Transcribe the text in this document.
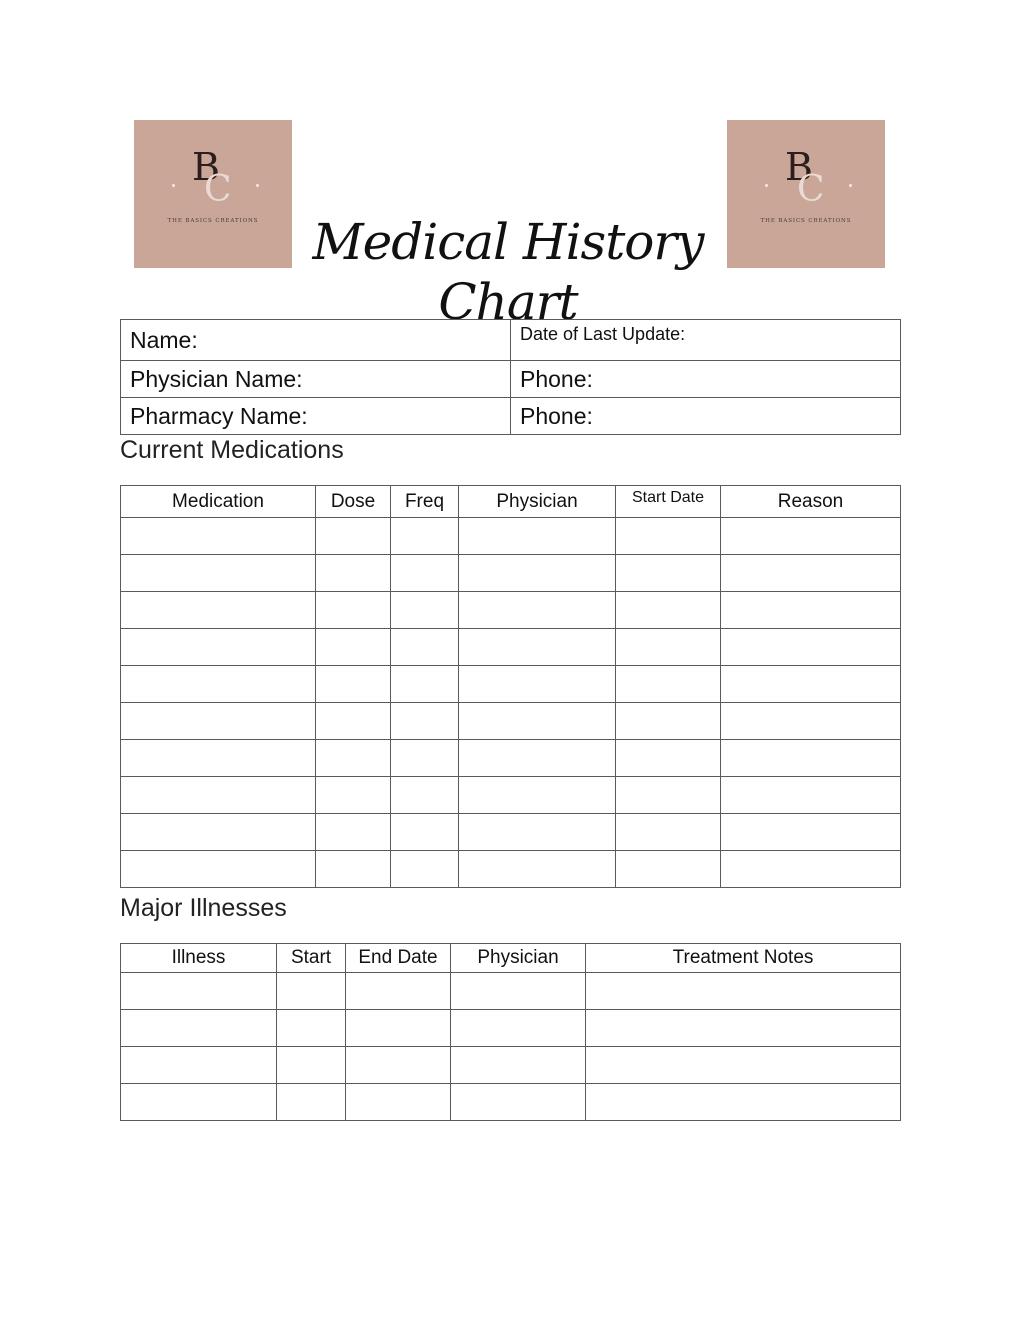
B
C
THE BASICS CREATIONS
B
C
THE BASICS CREATIONS
Medical History Chart
Name:	Date of Last Update:
Physician Name:	Phone:
Pharmacy Name:	Phone:
Current Medications
Medication	Dose	Freq	Physician	Start Date	Reason

Major Illnesses
Illness	Start	End Date	Physician	Treatment Notes
